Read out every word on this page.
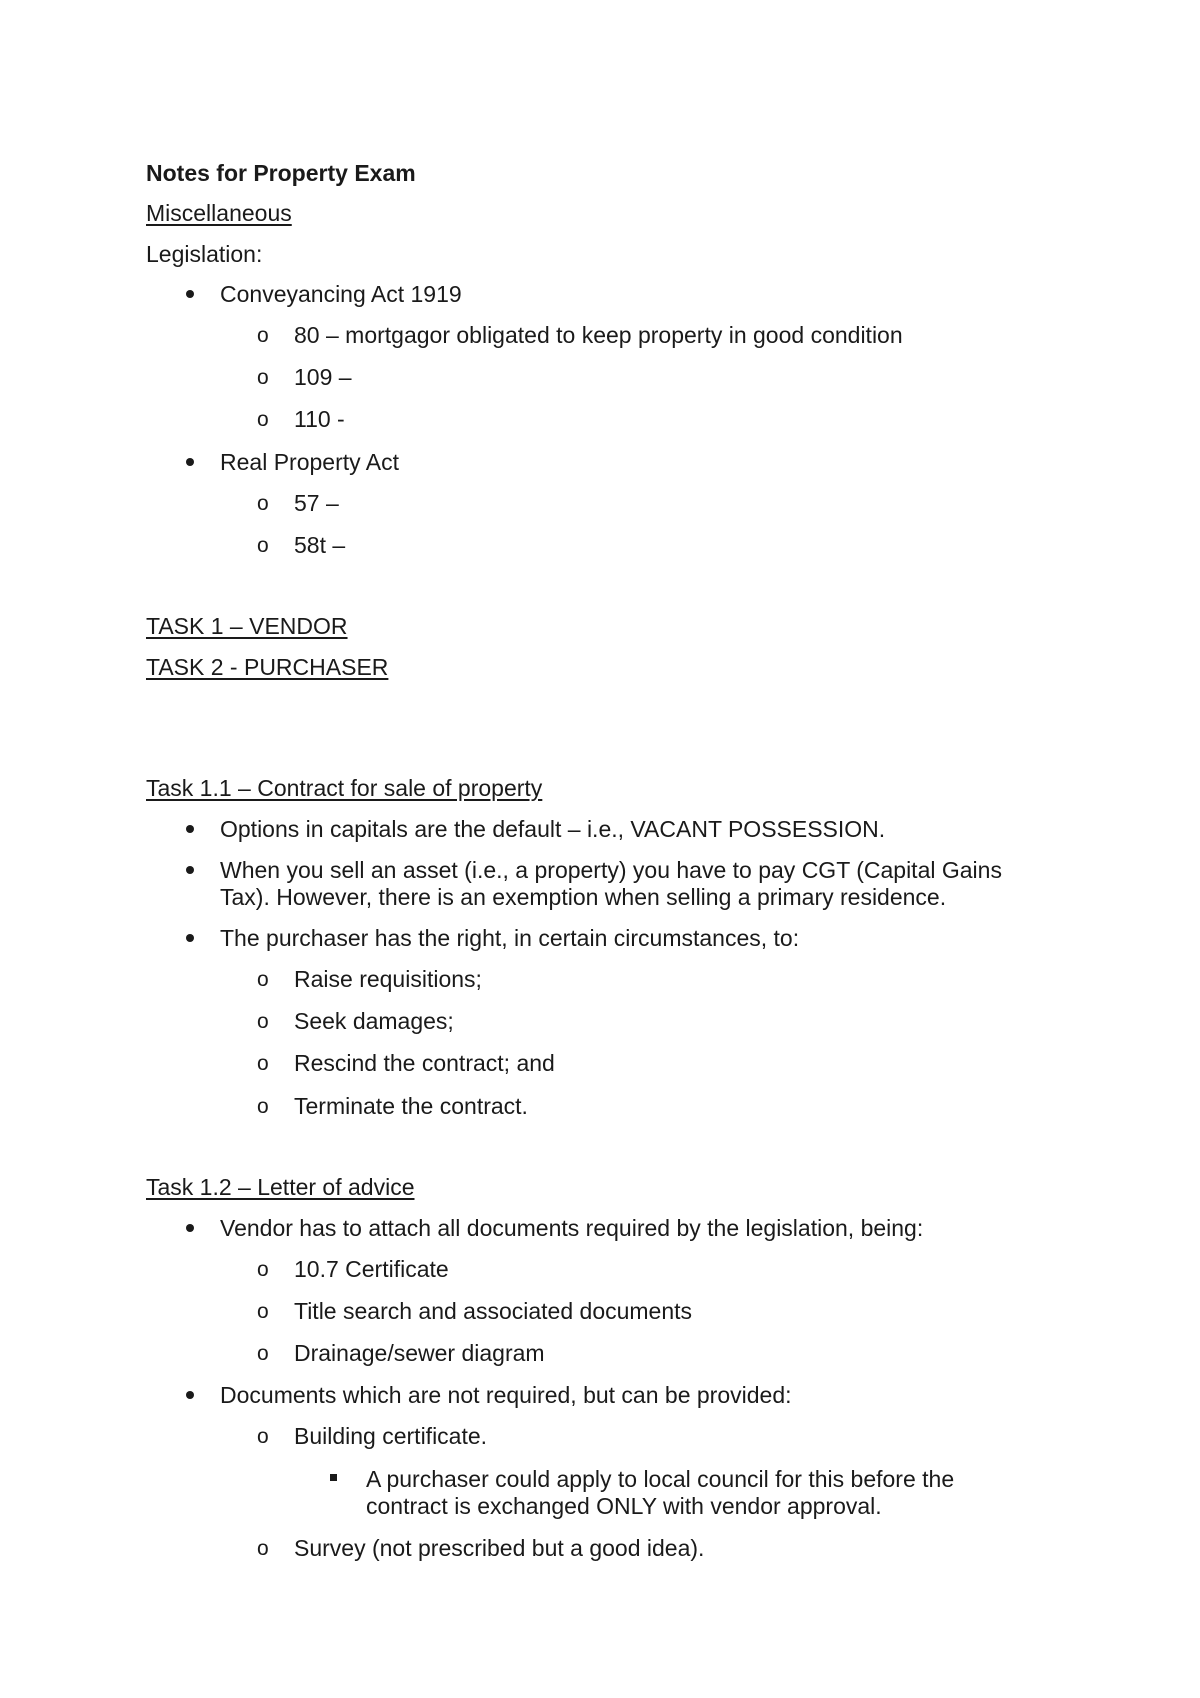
Notes for Property Exam
Miscellaneous
Legislation:
Conveyancing Act 1919
o 80 – mortgagor obligated to keep property in good condition
o 109 –
o 110 -
Real Property Act
o 57 –
o 58t –
TASK 1 – VENDOR
TASK 2 - PURCHASER
Task 1.1 – Contract for sale of property
Options in capitals are the default – i.e., VACANT POSSESSION.
When you sell an asset (i.e., a property) you have to pay CGT (Capital Gains
Tax). However, there is an exemption when selling a primary residence.
The purchaser has the right, in certain circumstances, to:
o Raise requisitions;
o Seek damages;
o Rescind the contract; and
o Terminate the contract.
Task 1.2 – Letter of advice
Vendor has to attach all documents required by the legislation, being:
o 10.7 Certificate
o Title search and associated documents
o Drainage/sewer diagram
Documents which are not required, but can be provided:
o Building certificate.
A purchaser could apply to local council for this before the
contract is exchanged ONLY with vendor approval.
o Survey (not prescribed but a good idea).
